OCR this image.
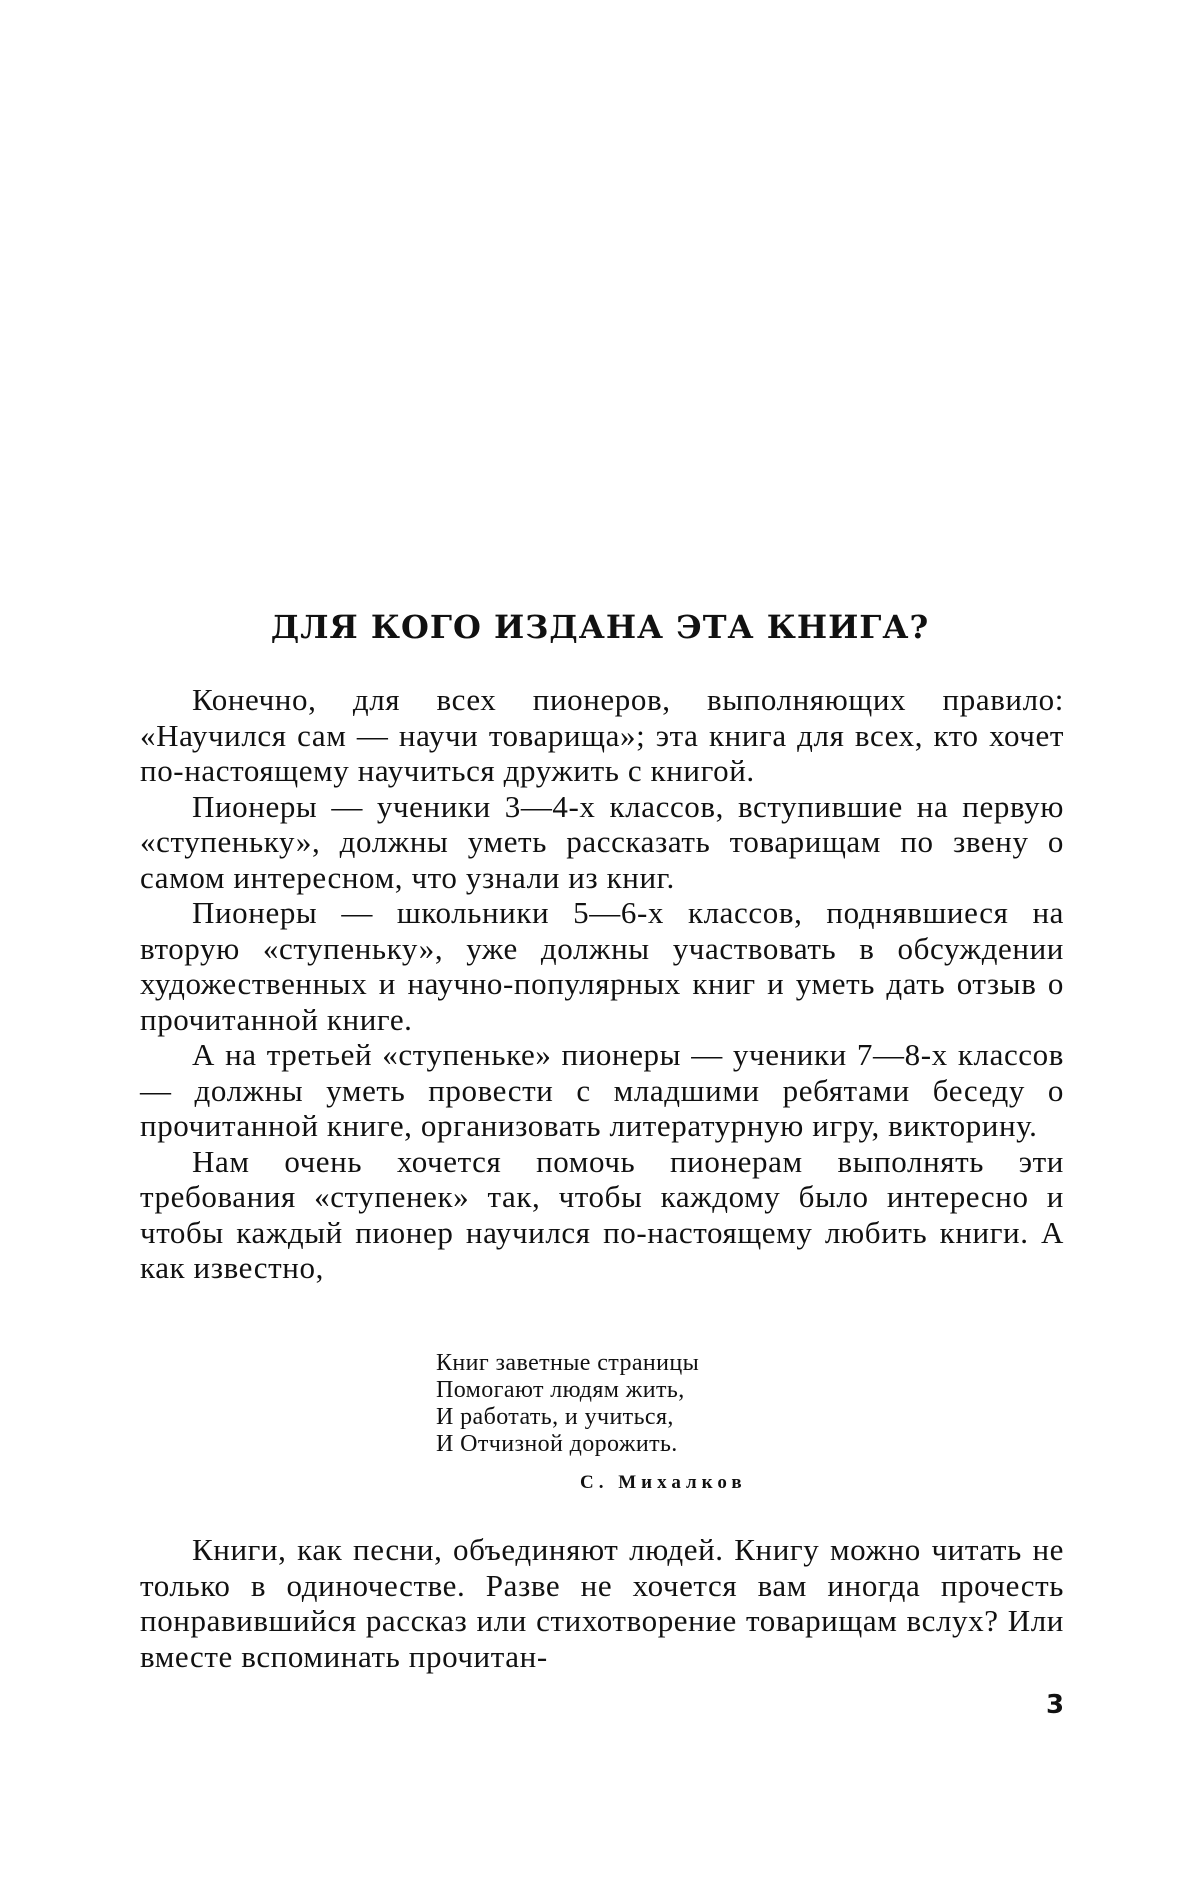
ДЛЯ КОГО ИЗДАНА ЭТА КНИГА?

Конечно, для всех пионеров, выполняющих правило: «Научился сам — научи товарища»; эта книга для всех, кто хочет по-настоящему научиться дружить с книгой.

Пионеры — ученики 3—4-х классов, вступившие на первую «ступеньку», должны уметь рассказать товарищам по звену о самом интересном, что узнали из книг.

Пионеры — школьники 5—6-х классов, поднявшиеся на вторую «ступеньку», уже должны участвовать в обсуждении художественных и научно-популярных книг и уметь дать отзыв о прочитанной книге.

А на третьей «ступеньке» пионеры — ученики 7—8-х классов — должны уметь провести с младшими ребятами беседу о прочитанной книге, организовать литературную игру, викторину.

Нам очень хочется помочь пионерам выполнять эти требования «ступенек» так, чтобы каждому было интересно и чтобы каждый пионер научился по-настоящему любить книги. А как известно,

Книг заветные страницы
Помогают людям жить,
И работать, и учиться,
И Отчизной дорожить.
С. Михалков

Книги, как песни, объединяют людей. Книгу можно читать не только в одиночестве. Разве не хочется вам иногда прочесть понравившийся рассказ или стихотворение товарищам вслух? Или вместе вспоминать прочитан-

3
